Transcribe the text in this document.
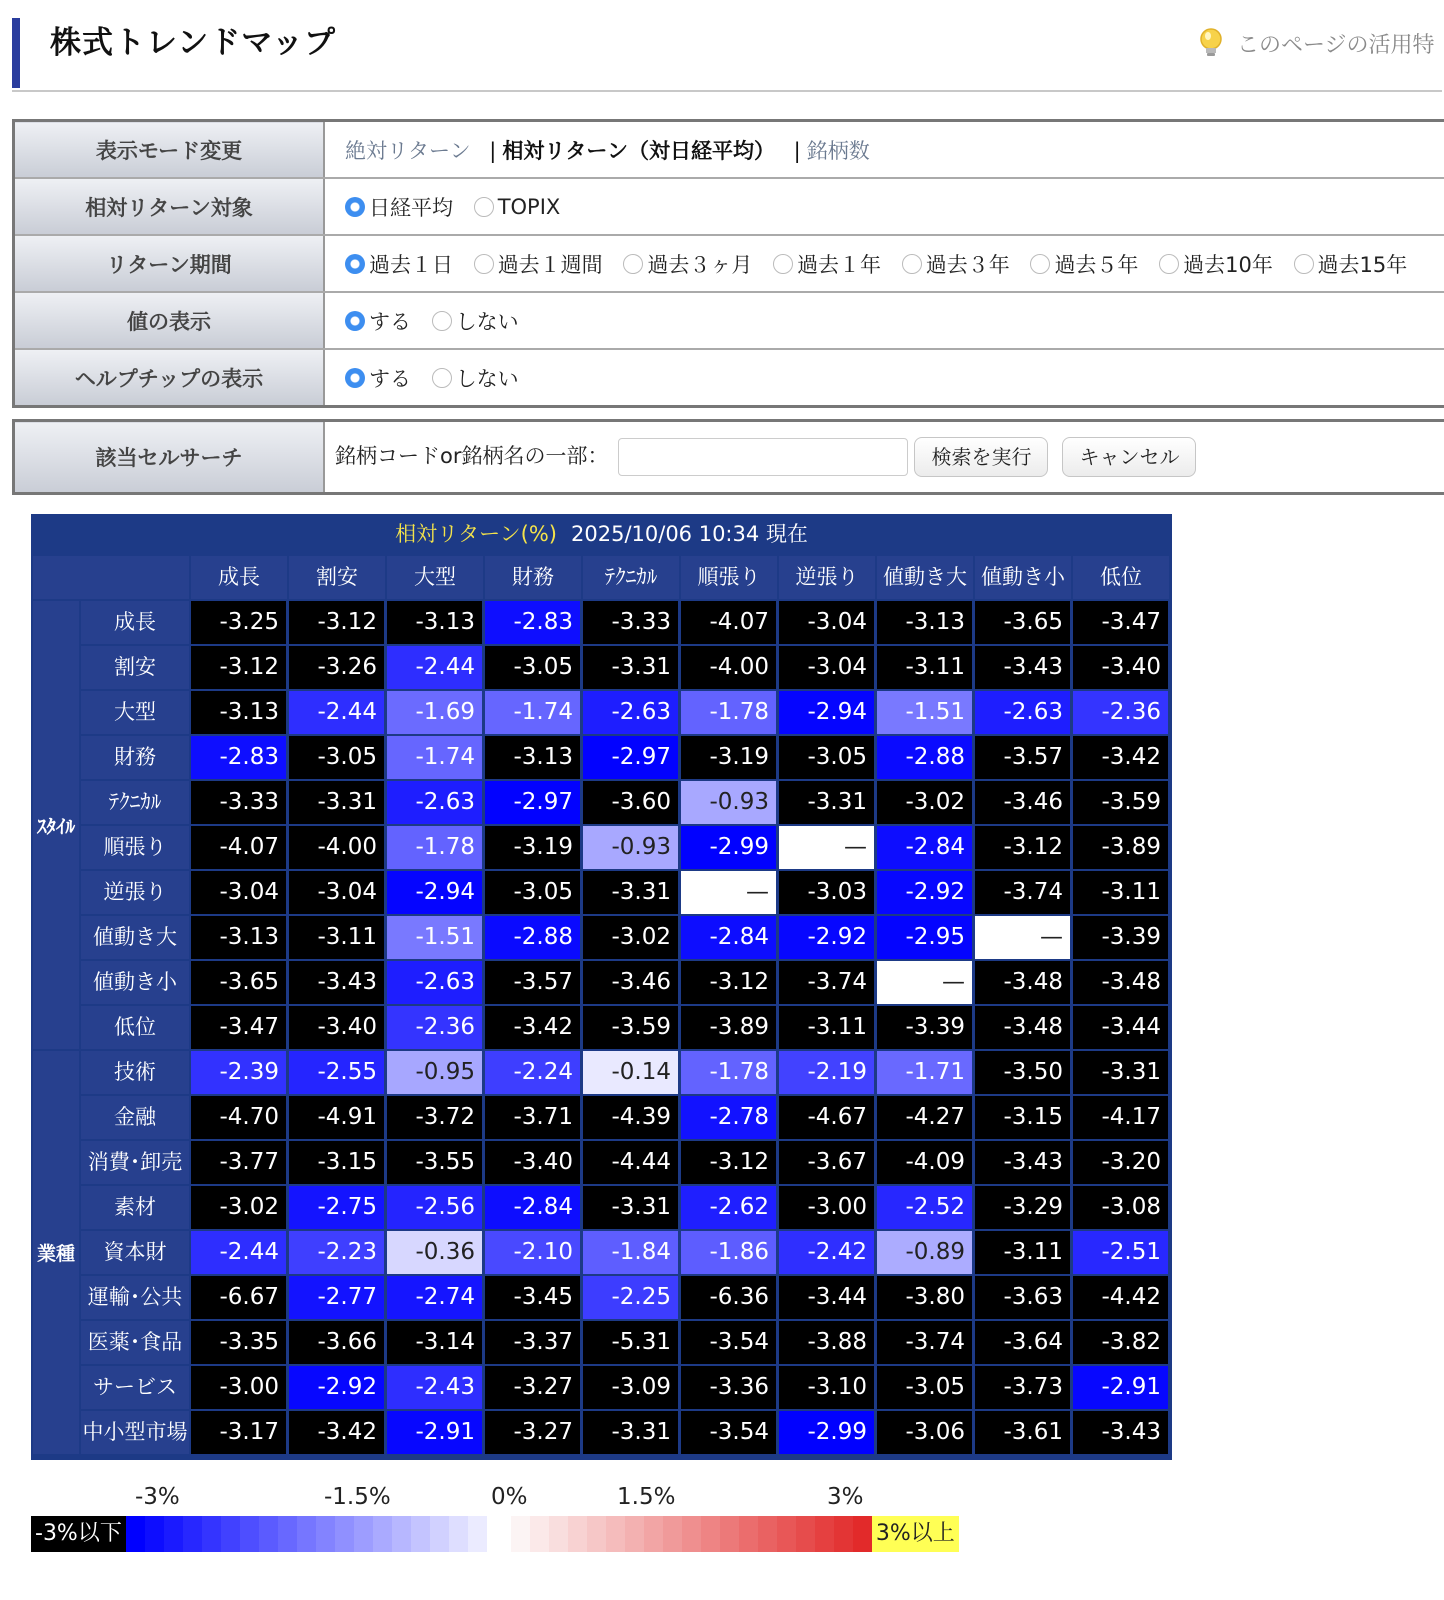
株式トレンドマップ	このページの活用特
表示モード変更	絶対リターン | 相対リターン（対日経平均） | 銘柄数
相対リターン対象	日経平均 TOPIX
リターン期間	過去１日 過去１週間 過去３ヶ月 過去１年 過去３年 過去５年 過去10年 過去15年
値の表示	する しない
ヘルプチップの表示	する しない
該当セルサーチ	銘柄コードor銘柄名の一部：	検索を実行 キャンセル
相対リターン(%) 2025/10/06 10:34 現在
成長	割安	大型	財務	ﾃｸﾆｶﾙ	順張り	逆張り	値動き大 値動き小	低位
ｽﾀｲﾙ
成長	-3.25	-3.12	-3.13	-2.83	-3.33	-4.07	-3.04	-3.13	-3.65	-3.47
割安	-3.12	-3.26	-2.44	-3.05	-3.31	-4.00	-3.04	-3.11	-3.43	-3.40
大型	-3.13	-2.44	-1.69	-1.74	-2.63	-1.78	-2.94	-1.51	-2.63	-2.36
財務	-2.83	-3.05	-1.74	-3.13	-2.97	-3.19	-3.05	-2.88	-3.57	-3.42
ﾃｸﾆｶﾙ	-3.33	-3.31	-2.63	-2.97	-3.60	-0.93	-3.31	-3.02	-3.46	-3.59
順張り	-4.07	-4.00	-1.78	-3.19	-0.93	-2.99	—	-2.84	-3.12	-3.89
逆張り	-3.04	-3.04	-2.94	-3.05	-3.31	—	-3.03	-2.92	-3.74	-3.11
値動き大	-3.13	-3.11	-1.51	-2.88	-3.02	-2.84	-2.92	-2.95	—	-3.39
値動き小	-3.65	-3.43	-2.63	-3.57	-3.46	-3.12	-3.74	—	-3.48	-3.48
低位	-3.47	-3.40	-2.36	-3.42	-3.59	-3.89	-3.11	-3.39	-3.48	-3.44
業種
技術	-2.39	-2.55	-0.95	-2.24	-0.14	-1.78	-2.19	-1.71	-3.50	-3.31
金融	-4.70	-4.91	-3.72	-3.71	-4.39	-2.78	-4.67	-4.27	-3.15	-4.17
消費･卸売	-3.77	-3.15	-3.55	-3.40	-4.44	-3.12	-3.67	-4.09	-3.43	-3.20
素材	-3.02	-2.75	-2.56	-2.84	-3.31	-2.62	-3.00	-2.52	-3.29	-3.08
資本財	-2.44	-2.23	-0.36	-2.10	-1.84	-1.86	-2.42	-0.89	-3.11	-2.51
運輸･公共	-6.67	-2.77	-2.74	-3.45	-2.25	-6.36	-3.44	-3.80	-3.63	-4.42
医薬･食品	-3.35	-3.66	-3.14	-3.37	-5.31	-3.54	-3.88	-3.74	-3.64	-3.82
サービス	-3.00	-2.92	-2.43	-3.27	-3.09	-3.36	-3.10	-3.05	-3.73	-2.91
中小型市場	-3.17	-3.42	-2.91	-3.27	-3.31	-3.54	-2.99	-3.06	-3.61	-3.43
-3%	-1.5%	0%	1.5%	3%
-3%以下	3%以上
